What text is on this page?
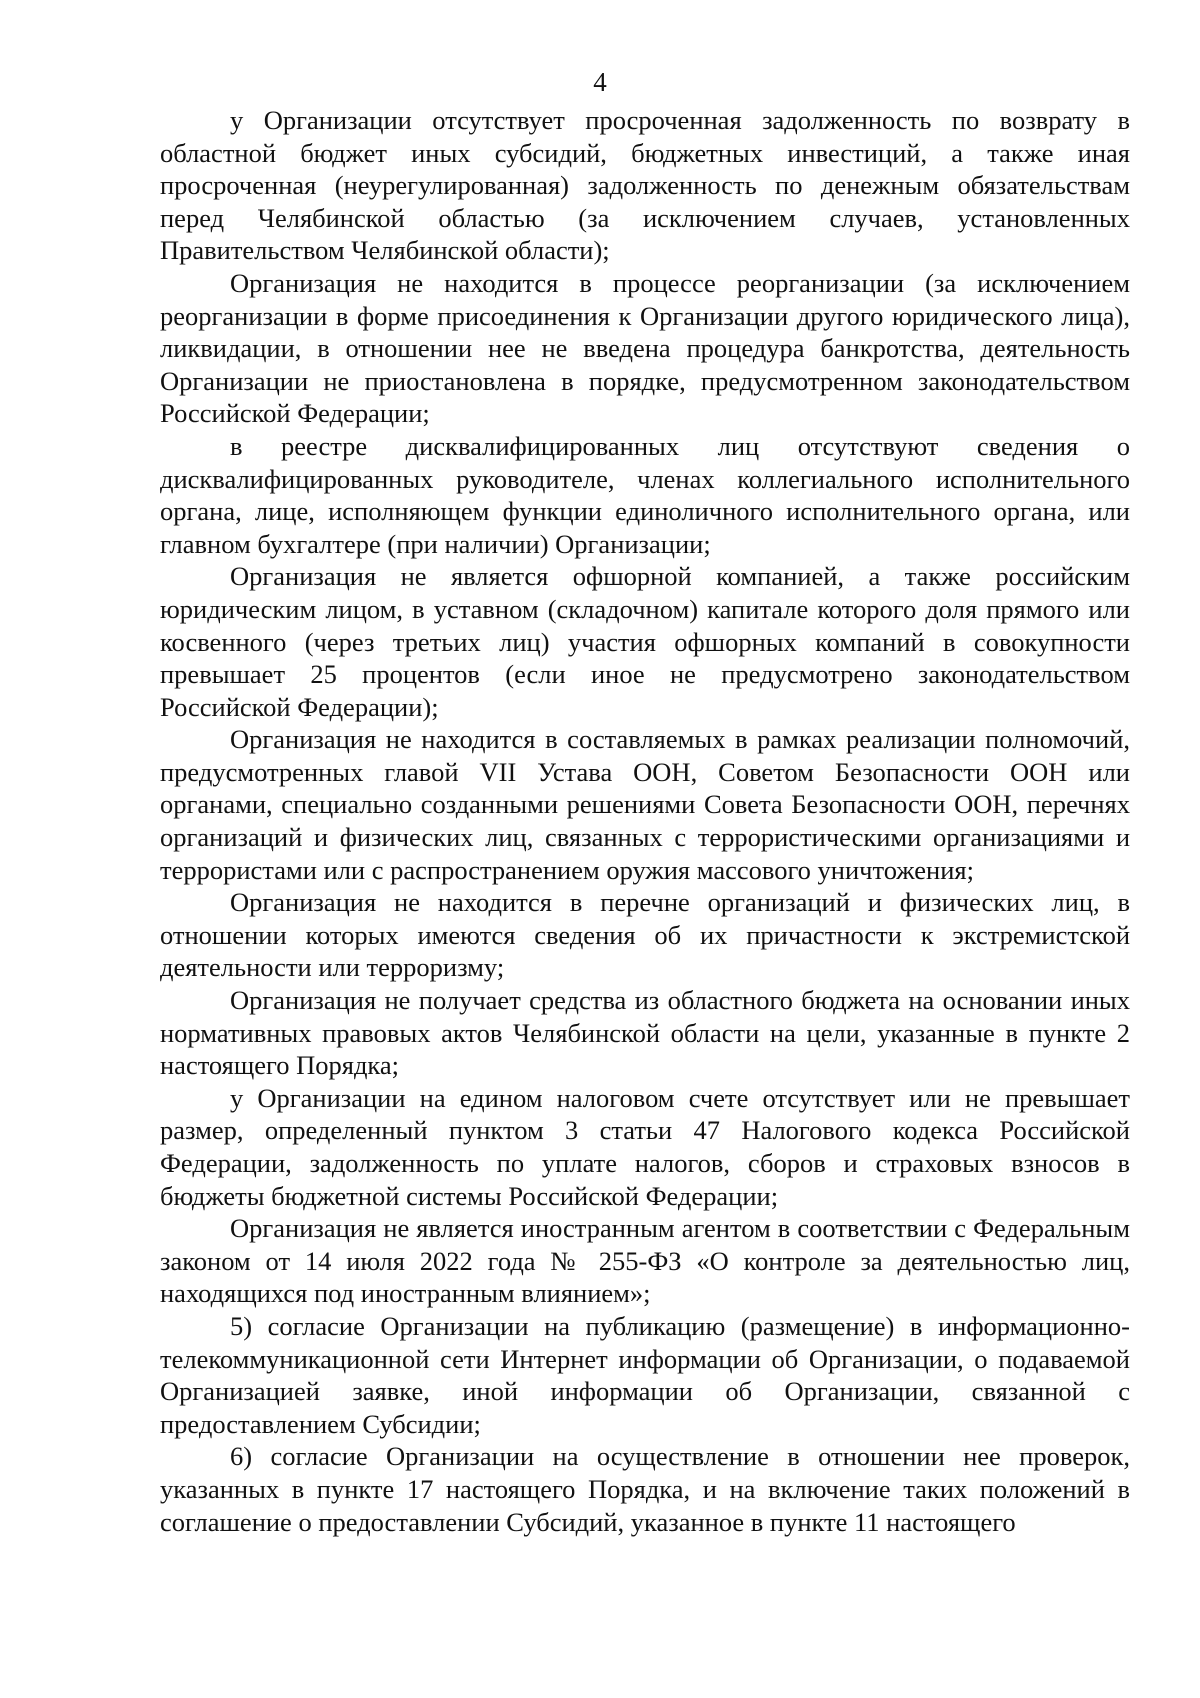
4

у Организации отсутствует просроченная задолженность по возврату в областной бюджет иных субсидий, бюджетных инвестиций, а также иная просроченная (неурегулированная) задолженность по денежным обязательствам перед Челябинской областью (за исключением случаев, установленных Правительством Челябинской области);

Организация не находится в процессе реорганизации (за исключением реорганизации в форме присоединения к Организации другого юридического лица), ликвидации, в отношении нее не введена процедура банкротства, деятельность Организации не приостановлена в порядке, предусмотренном законодательством Российской Федерации;

в реестре дисквалифицированных лиц отсутствуют сведения о дисквалифицированных руководителе, членах коллегиального исполнительного органа, лице, исполняющем функции единоличного исполнительного органа, или главном бухгалтере (при наличии) Организации;

Организация не является офшорной компанией, а также российским юридическим лицом, в уставном (складочном) капитале которого доля прямого или косвенного (через третьих лиц) участия офшорных компаний в совокупности превышает 25 процентов (если иное не предусмотрено законодательством Российской Федерации);

Организация не находится в составляемых в рамках реализации полномочий, предусмотренных главой VII Устава ООН, Советом Безопасности ООН или органами, специально созданными решениями Совета Безопасности ООН, перечнях организаций и физических лиц, связанных с террористическими организациями и террористами или с распространением оружия массового уничтожения;

Организация не находится в перечне организаций и физических лиц, в отношении которых имеются сведения об их причастности к экстремистской деятельности или терроризму;

Организация не получает средства из областного бюджета на основании иных нормативных правовых актов Челябинской области на цели, указанные в пункте 2 настоящего Порядка;

у Организации на едином налоговом счете отсутствует или не превышает размер, определенный пунктом 3 статьи 47 Налогового кодекса Российской Федерации, задолженность по уплате налогов, сборов и страховых взносов в бюджеты бюджетной системы Российской Федерации;

Организация не является иностранным агентом в соответствии с Федеральным законом от 14 июля 2022 года № 255-ФЗ «О контроле за деятельностью лиц, находящихся под иностранным влиянием»;

5) согласие Организации на публикацию (размещение) в информационно-телекоммуникационной сети Интернет информации об Организации, о подаваемой Организацией заявке, иной информации об Организации, связанной с предоставлением Субсидии;

6) согласие Организации на осуществление в отношении нее проверок, указанных в пункте 17 настоящего Порядка, и на включение таких положений в соглашение о предоставлении Субсидий, указанное в пункте 11 настоящего
